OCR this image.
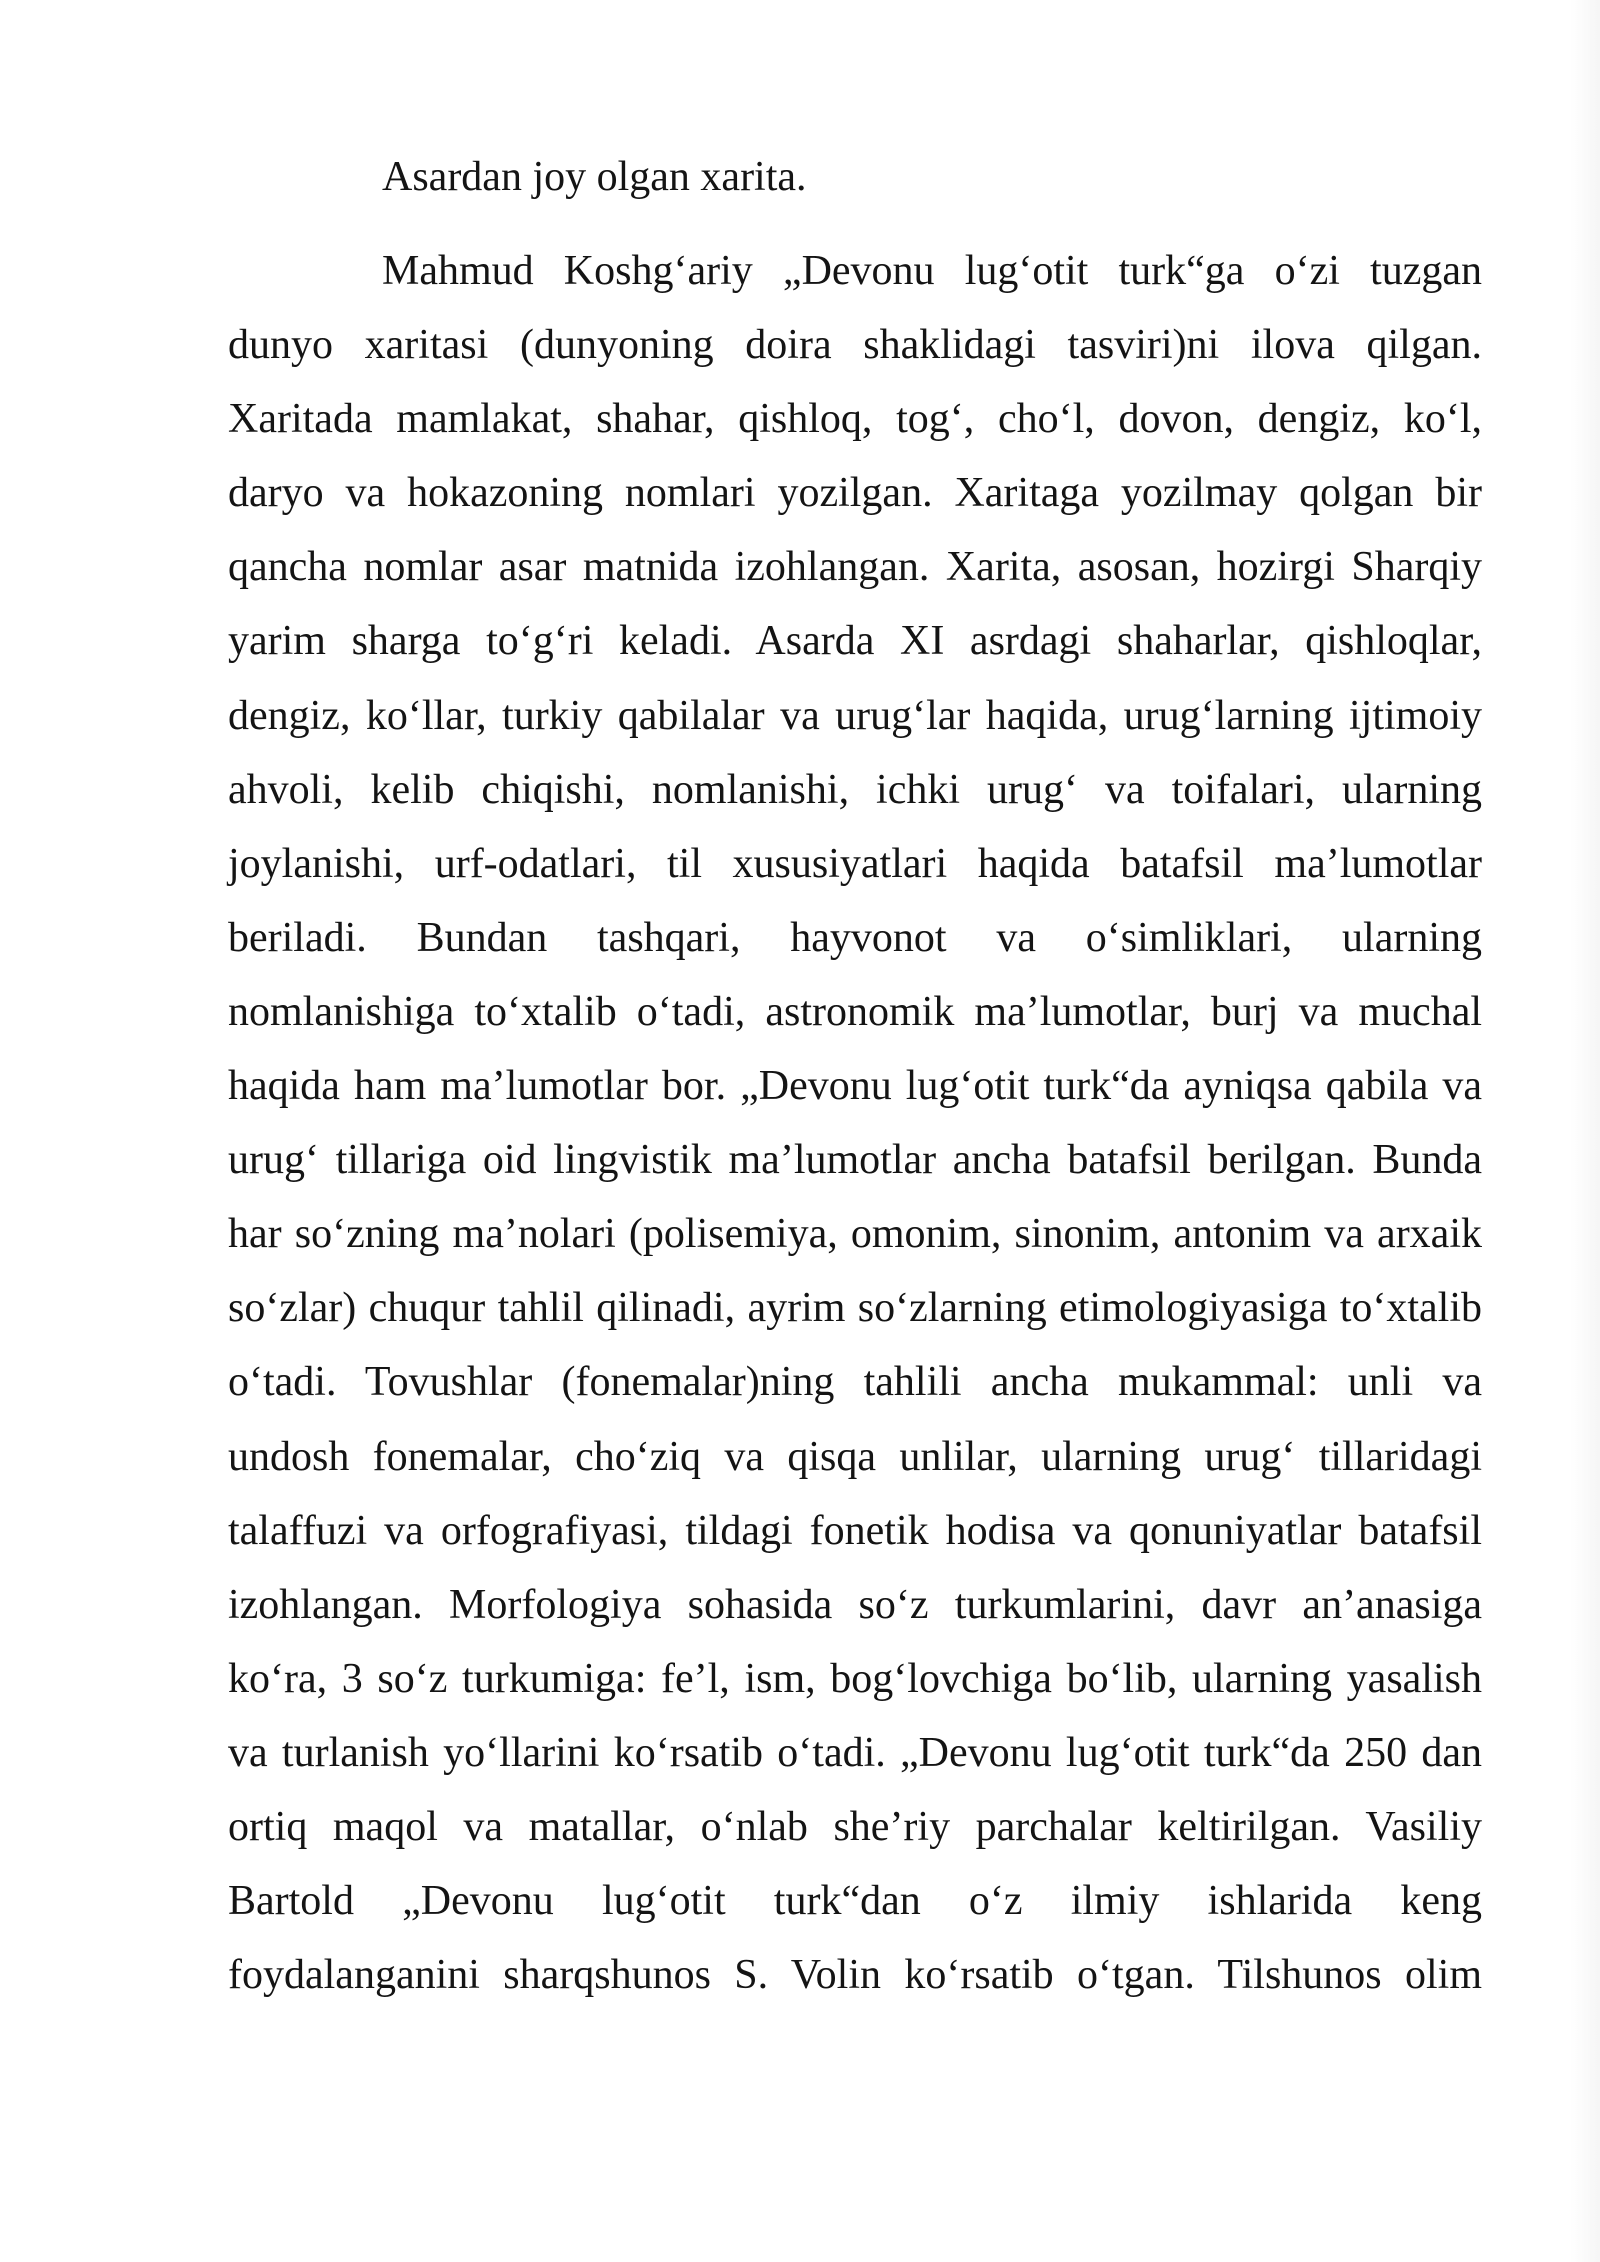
Asardan joy olgan xarita.

Mahmud Koshg‘ariy „Devonu lug‘otit turk“ga o‘zi tuzgan
dunyo xaritasi (dunyoning doira shaklidagi tasviri)ni ilova qilgan.
Xaritada mamlakat, shahar, qishloq, tog‘, cho‘l, dovon, dengiz, ko‘l,
daryo va hokazoning nomlari yozilgan. Xaritaga yozilmay qolgan bir
qancha nomlar asar matnida izohlangan. Xarita, asosan, hozirgi Sharqiy
yarim sharga to‘g‘ri keladi. Asarda XI asrdagi shaharlar, qishloqlar,
dengiz, ko‘llar, turkiy qabilalar va urug‘lar haqida, urug‘larning ijtimoiy
ahvoli, kelib chiqishi, nomlanishi, ichki urug‘ va toifalari, ularning
joylanishi, urf-odatlari, til xususiyatlari haqida batafsil ma’lumotlar
beriladi. Bundan tashqari, hayvonot va o‘simliklari, ularning
nomlanishiga to‘xtalib o‘tadi, astronomik ma’lumotlar, burj va muchal
haqida ham ma’lumotlar bor. „Devonu lug‘otit turk“da ayniqsa qabila va
urug‘ tillariga oid lingvistik ma’lumotlar ancha batafsil berilgan. Bunda
har so‘zning ma’nolari (polisemiya, omonim, sinonim, antonim va arxaik
so‘zlar) chuqur tahlil qilinadi, ayrim so‘zlarning etimologiyasiga to‘xtalib
o‘tadi. Tovushlar (fonemalar)ning tahlili ancha mukammal: unli va
undosh fonemalar, cho‘ziq va qisqa unlilar, ularning urug‘ tillaridagi
talaffuzi va orfografiyasi, tildagi fonetik hodisa va qonuniyatlar batafsil
izohlangan. Morfologiya sohasida so‘z turkumlarini, davr an’anasiga
ko‘ra, 3 so‘z turkumiga: fe’l, ism, bog‘lovchiga bo‘lib, ularning yasalish
va turlanish yo‘llarini ko‘rsatib o‘tadi. „Devonu lug‘otit turk“da 250 dan
ortiq maqol va matallar, o‘nlab she’riy parchalar keltirilgan. Vasiliy
Bartold „Devonu lug‘otit turk“dan o‘z ilmiy ishlarida keng
foydalanganini sharqshunos S. Volin ko‘rsatib o‘tgan. Tilshunos olim
